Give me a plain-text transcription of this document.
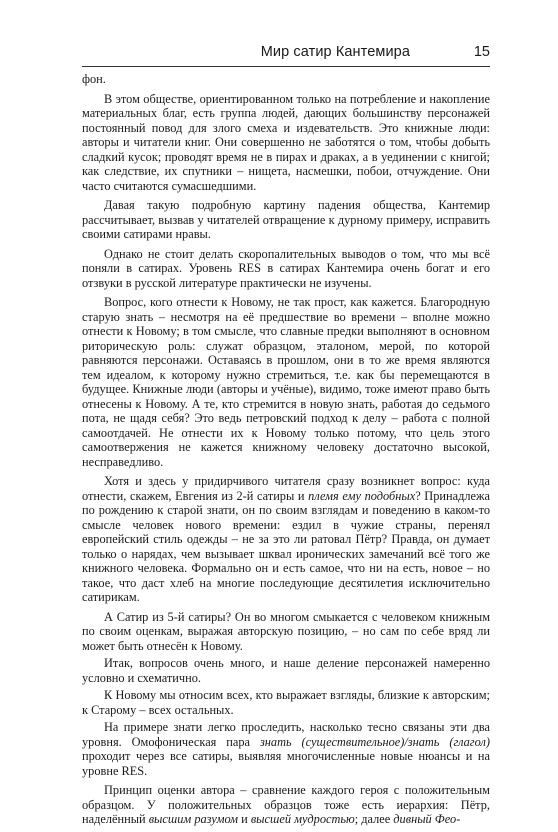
Мир сатир Кантемира	15

фон.

В этом обществе, ориентированном только на потребление и накопление материальных благ, есть группа людей, дающих большинству персонажей постоянный повод для злого смеха и издевательств. Это книжные люди: авторы и читатели книг. Они совершенно не заботятся о том, чтобы добыть сладкий кусок; проводят время не в пирах и драках, а в уединении с книгой; как следствие, их спутники – нищета, насмешки, побои, отчуждение. Они часто считаются сумасшедшими.

Давая такую подробную картину падения общества, Кантемир рассчитывает, вызвав у читателей отвращение к дурному примеру, исправить своими сатирами нравы.

Однако не стоит делать скоропалительных выводов о том, что мы всё поняли в сатирах. Уровень RES в сатирах Кантемира очень богат и его отзвуки в русской литературе практически не изучены.

Вопрос, кого отнести к Новому, не так прост, как кажется. Благородную старую знать – несмотря на её предшествие во времени – вполне можно отнести к Новому; в том смысле, что славные предки выполняют в основном риторическую роль: служат образцом, эталоном, мерой, по которой равняются персонажи. Оставаясь в прошлом, они в то же время являются тем идеалом, к которому нужно стремиться, т.е. как бы перемещаются в будущее. Книжные люди (авторы и учёные), видимо, тоже имеют право быть отнесены к Новому. А те, кто стремится в новую знать, работая до седьмого пота, не щадя себя? Это ведь петровский подход к делу – работа с полной самоотдачей. Не отнести их к Новому только потому, что цель этого самоотвержения не кажется книжному человеку достаточно высокой, несправедливо.

Хотя и здесь у придирчивого читателя сразу возникнет вопрос: куда отнести, скажем, Евгения из 2-й сатиры и племя ему подобных? Принадлежа по рождению к старой знати, он по своим взглядам и поведению в каком-то смысле человек нового времени: ездил в чужие страны, перенял европейский стиль одежды – не за это ли ратовал Пётр? Правда, он думает только о нарядах, чем вызывает шквал иронических замечаний всё того же книжного человека. Формально он и есть самое, что ни на есть, новое – но такое, что даст хлеб на многие последующие десятилетия исключительно сатирикам.

А Сатир из 5-й сатиры? Он во многом смыкается с человеком книжным по своим оценкам, выражая авторскую позицию, – но сам по себе вряд ли может быть отнесён к Новому.

Итак, вопросов очень много, и наше деление персонажей намеренно условно и схематично.

К Новому мы относим всех, кто выражает взгляды, близкие к авторским; к Старому – всех остальных.

На примере знати легко проследить, насколько тесно связаны эти два уровня. Омофоническая пара знать (существительное)/знать (глагол) проходит через все сатиры, выявляя многочисленные новые нюансы и на уровне RES.

Принцип оценки автора – сравнение каждого героя с положительным образцом. У положительных образцов тоже есть иерархия: Пётр, наделённый высшим разумом и высшей мудростью; далее дивный Фео-
